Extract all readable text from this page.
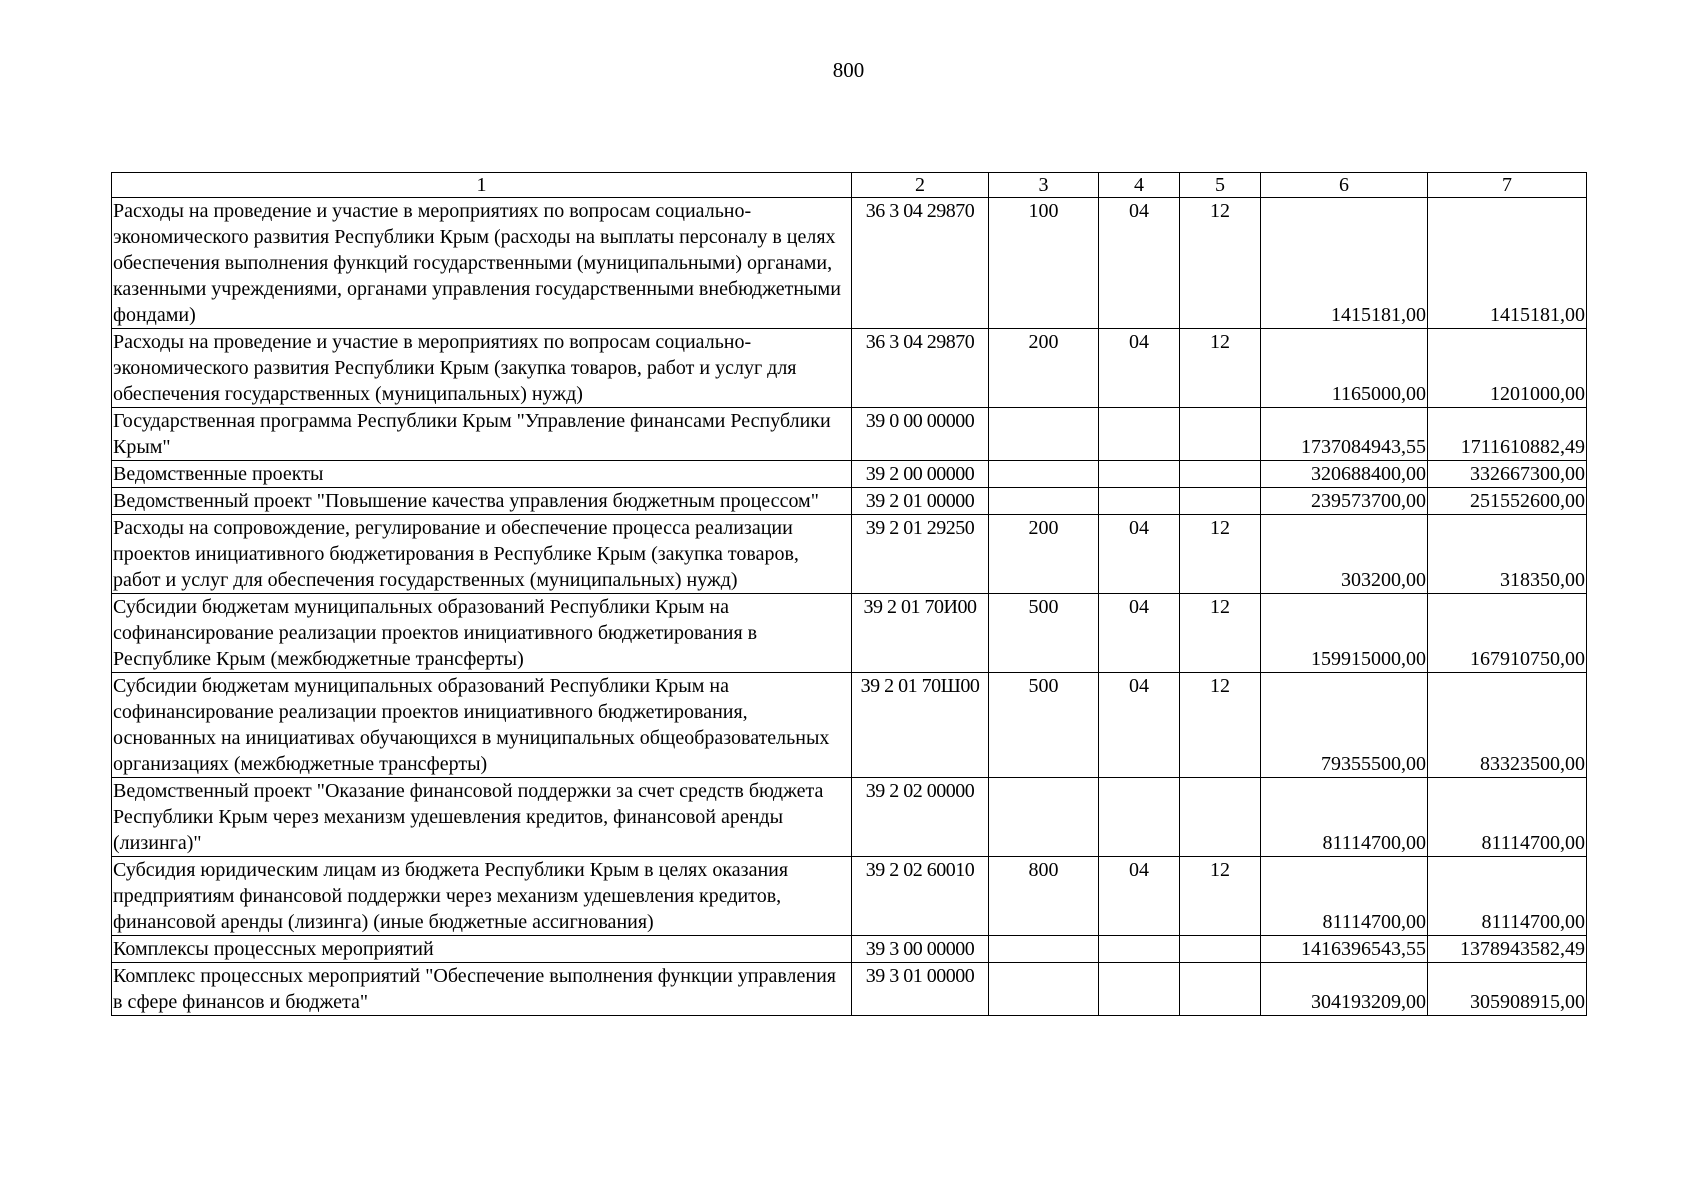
800
1	2	3	4	5	6	7
Расходы на проведение и участие в мероприятиях по вопросам социально-экономического развития Республики Крым (расходы на выплаты персоналу в целях обеспечения выполнения функций государственными (муниципальными) органами, казенными учреждениями, органами управления государственными внебюджетными фондами)	36 3 04 29870	100	04	12	1415181,00	1415181,00
Расходы на проведение и участие в мероприятиях по вопросам социально-экономического развития Республики Крым (закупка товаров, работ и услуг для обеспечения государственных (муниципальных) нужд)	36 3 04 29870	200	04	12	1165000,00	1201000,00
Государственная программа Республики Крым "Управление финансами Республики Крым"	39 0 00 00000				1737084943,55	1711610882,49
Ведомственные проекты	39 2 00 00000				320688400,00	332667300,00
Ведомственный проект "Повышение качества управления бюджетным процессом"	39 2 01 00000				239573700,00	251552600,00
Расходы на сопровождение, регулирование и обеспечение процесса реализации проектов инициативного бюджетирования в Республике Крым (закупка товаров, работ и услуг для обеспечения государственных (муниципальных) нужд)	39 2 01 29250	200	04	12	303200,00	318350,00
Субсидии бюджетам муниципальных образований Республики Крым на софинансирование реализации проектов инициативного бюджетирования в Республике Крым (межбюджетные трансферты)	39 2 01 70И00	500	04	12	159915000,00	167910750,00
Субсидии бюджетам муниципальных образований Республики Крым на софинансирование реализации проектов инициативного бюджетирования, основанных на инициативах обучающихся в муниципальных общеобразовательных организациях (межбюджетные трансферты)	39 2 01 70Ш00	500	04	12	79355500,00	83323500,00
Ведомственный проект "Оказание финансовой поддержки за счет средств бюджета Республики Крым через механизм удешевления кредитов, финансовой аренды (лизинга)"	39 2 02 00000				81114700,00	81114700,00
Субсидия юридическим лицам из бюджета Республики Крым в целях оказания предприятиям финансовой поддержки через механизм удешевления кредитов, финансовой аренды (лизинга) (иные бюджетные ассигнования)	39 2 02 60010	800	04	12	81114700,00	81114700,00
Комплексы процессных мероприятий	39 3 00 00000				1416396543,55	1378943582,49
Комплекс процессных мероприятий "Обеспечение выполнения функции управления в сфере финансов и бюджета"	39 3 01 00000				304193209,00	305908915,00
